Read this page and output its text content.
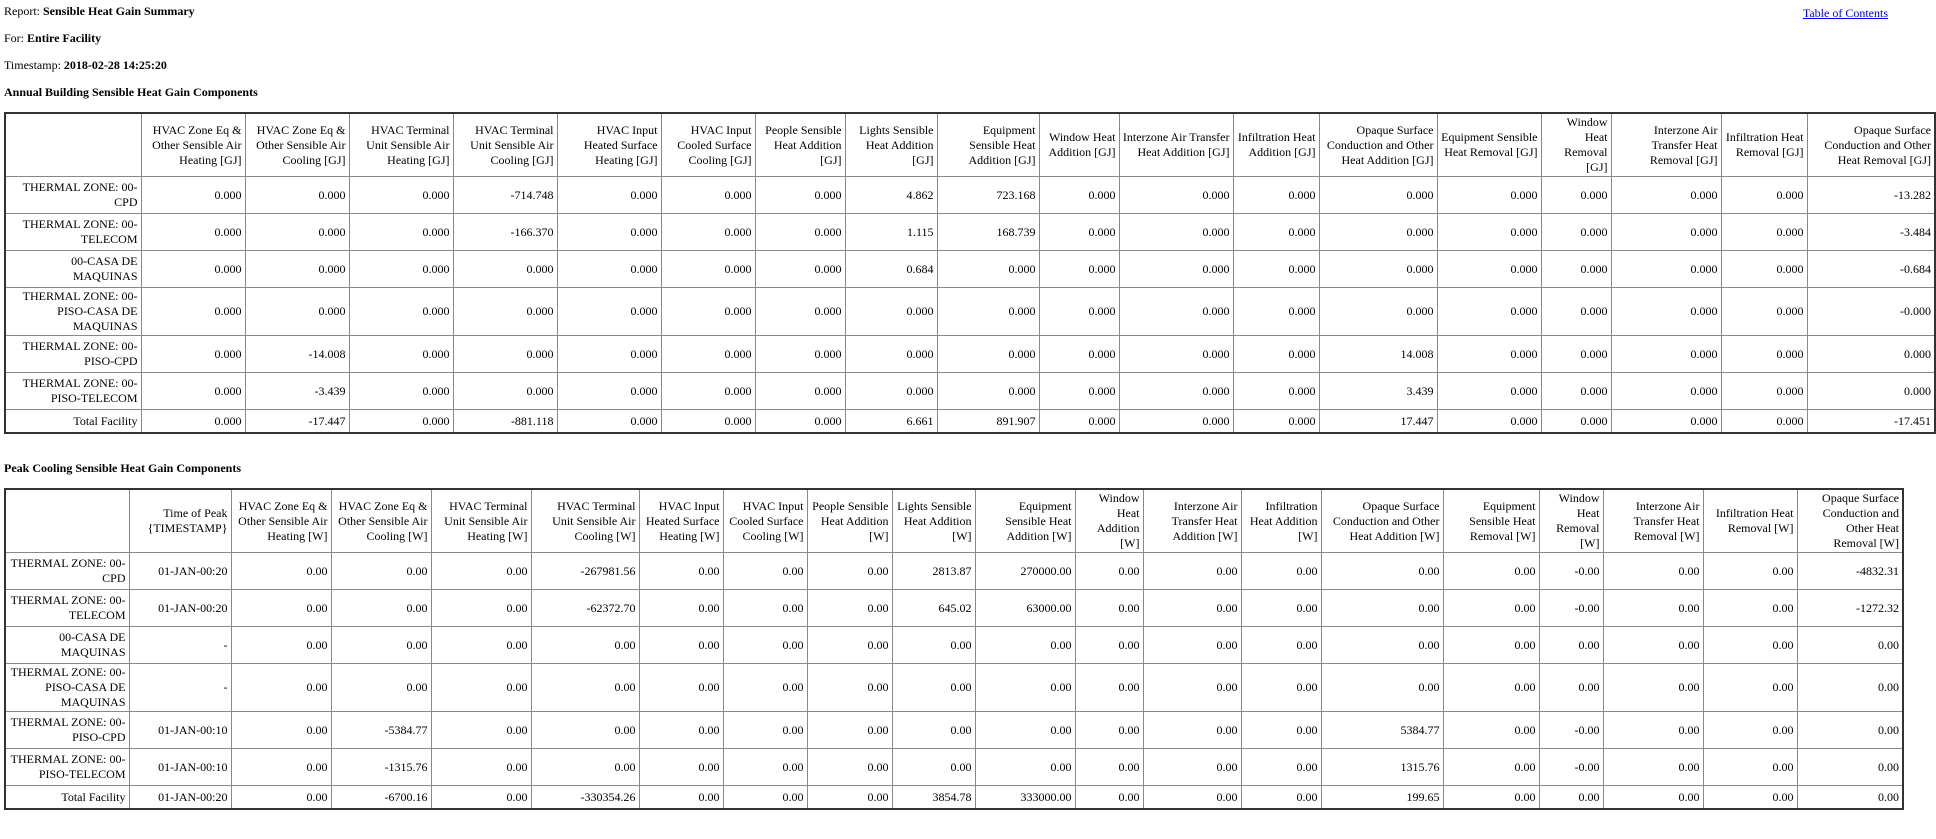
Table of Contents
Report: Sensible Heat Gain Summary
For: Entire Facility
Timestamp: 2018-02-28 14:25:20
Annual Building Sensible Heat Gain Components
	HVAC Zone Eq & Other Sensible Air Heating [GJ]	HVAC Zone Eq & Other Sensible Air Cooling [GJ]	HVAC Terminal Unit Sensible Air Heating [GJ]	HVAC Terminal Unit Sensible Air Cooling [GJ]	HVAC Input Heated Surface Heating [GJ]	HVAC Input Cooled Surface Cooling [GJ]	People Sensible Heat Addition [GJ]	Lights Sensible Heat Addition [GJ]	Equipment Sensible Heat Addition [GJ]	Window Heat Addition [GJ]	Interzone Air Transfer Heat Addition [GJ]	Infiltration Heat Addition [GJ]	Opaque Surface Conduction and Other Heat Addition [GJ]	Equipment Sensible Heat Removal [GJ]	Window Heat Removal [GJ]	Interzone Air Transfer Heat Removal [GJ]	Infiltration Heat Removal [GJ]	Opaque Surface Conduction and Other Heat Removal [GJ]
THERMAL ZONE: 00-CPD	0.000	0.000	0.000	-714.748	0.000	0.000	0.000	4.862	723.168	0.000	0.000	0.000	0.000	0.000	0.000	0.000	0.000	-13.282
THERMAL ZONE: 00-TELECOM	0.000	0.000	0.000	-166.370	0.000	0.000	0.000	1.115	168.739	0.000	0.000	0.000	0.000	0.000	0.000	0.000	0.000	-3.484
00-CASA DE MAQUINAS	0.000	0.000	0.000	0.000	0.000	0.000	0.000	0.684	0.000	0.000	0.000	0.000	0.000	0.000	0.000	0.000	0.000	-0.684
THERMAL ZONE: 00-PISO-CASA DE MAQUINAS	0.000	0.000	0.000	0.000	0.000	0.000	0.000	0.000	0.000	0.000	0.000	0.000	0.000	0.000	0.000	0.000	0.000	-0.000
THERMAL ZONE: 00-PISO-CPD	0.000	-14.008	0.000	0.000	0.000	0.000	0.000	0.000	0.000	0.000	0.000	0.000	14.008	0.000	0.000	0.000	0.000	0.000
THERMAL ZONE: 00-PISO-TELECOM	0.000	-3.439	0.000	0.000	0.000	0.000	0.000	0.000	0.000	0.000	0.000	0.000	3.439	0.000	0.000	0.000	0.000	0.000
Total Facility	0.000	-17.447	0.000	-881.118	0.000	0.000	0.000	6.661	891.907	0.000	0.000	0.000	17.447	0.000	0.000	0.000	0.000	-17.451
Peak Cooling Sensible Heat Gain Components
	Time of Peak {TIMESTAMP}	HVAC Zone Eq & Other Sensible Air Heating [W]	HVAC Zone Eq & Other Sensible Air Cooling [W]	HVAC Terminal Unit Sensible Air Heating [W]	HVAC Terminal Unit Sensible Air Cooling [W]	HVAC Input Heated Surface Heating [W]	HVAC Input Cooled Surface Cooling [W]	People Sensible Heat Addition [W]	Lights Sensible Heat Addition [W]	Equipment Sensible Heat Addition [W]	Window Heat Addition [W]	Interzone Air Transfer Heat Addition [W]	Infiltration Heat Addition [W]	Opaque Surface Conduction and Other Heat Addition [W]	Equipment Sensible Heat Removal [W]	Window Heat Removal [W]	Interzone Air Transfer Heat Removal [W]	Infiltration Heat Removal [W]	Opaque Surface Conduction and Other Heat Removal [W]
THERMAL ZONE: 00-CPD	01-JAN-00:20	0.00	0.00	0.00	-267981.56	0.00	0.00	0.00	2813.87	270000.00	0.00	0.00	0.00	0.00	0.00	-0.00	0.00	0.00	-4832.31
THERMAL ZONE: 00-TELECOM	01-JAN-00:20	0.00	0.00	0.00	-62372.70	0.00	0.00	0.00	645.02	63000.00	0.00	0.00	0.00	0.00	0.00	-0.00	0.00	0.00	-1272.32
00-CASA DE MAQUINAS	-	0.00	0.00	0.00	0.00	0.00	0.00	0.00	0.00	0.00	0.00	0.00	0.00	0.00	0.00	0.00	0.00	0.00	0.00
THERMAL ZONE: 00-PISO-CASA DE MAQUINAS	-	0.00	0.00	0.00	0.00	0.00	0.00	0.00	0.00	0.00	0.00	0.00	0.00	0.00	0.00	0.00	0.00	0.00	0.00
THERMAL ZONE: 00-PISO-CPD	01-JAN-00:10	0.00	-5384.77	0.00	0.00	0.00	0.00	0.00	0.00	0.00	0.00	0.00	0.00	5384.77	0.00	-0.00	0.00	0.00	0.00
THERMAL ZONE: 00-PISO-TELECOM	01-JAN-00:10	0.00	-1315.76	0.00	0.00	0.00	0.00	0.00	0.00	0.00	0.00	0.00	0.00	1315.76	0.00	-0.00	0.00	0.00	0.00
Total Facility	01-JAN-00:20	0.00	-6700.16	0.00	-330354.26	0.00	0.00	0.00	3854.78	333000.00	0.00	0.00	0.00	199.65	0.00	0.00	0.00	0.00	0.00
